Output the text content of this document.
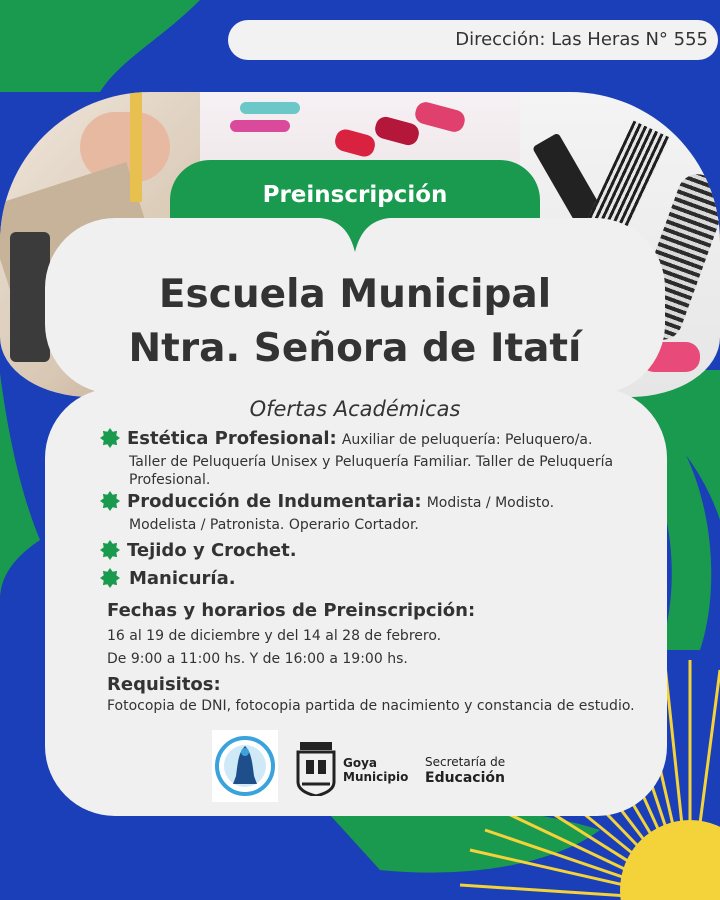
Dirección: Las Heras N° 555
Preinscripción
Escuela Municipal
Ntra. Señora de Itatí
Ofertas Académicas
Estética Profesional: Auxiliar de peluquería: Peluquero/a.
Taller de Peluquería Unisex y Peluquería Familiar. Taller de Peluquería
Profesional.
Producción de Indumentaria: Modista / Modisto.
Modelista / Patronista. Operario Cortador.
Tejido y Crochet.
Manicuría.
Fechas y horarios de Preinscripción:
16 al 19 de diciembre y del 14 al 28 de febrero.
De 9:00 a 11:00 hs. Y de 16:00 a 19:00 hs.
Requisitos:
Fotocopia de DNI, fotocopia partida de nacimiento y constancia de estudio.
Goya
Municipio
Secretaría de
Educación
